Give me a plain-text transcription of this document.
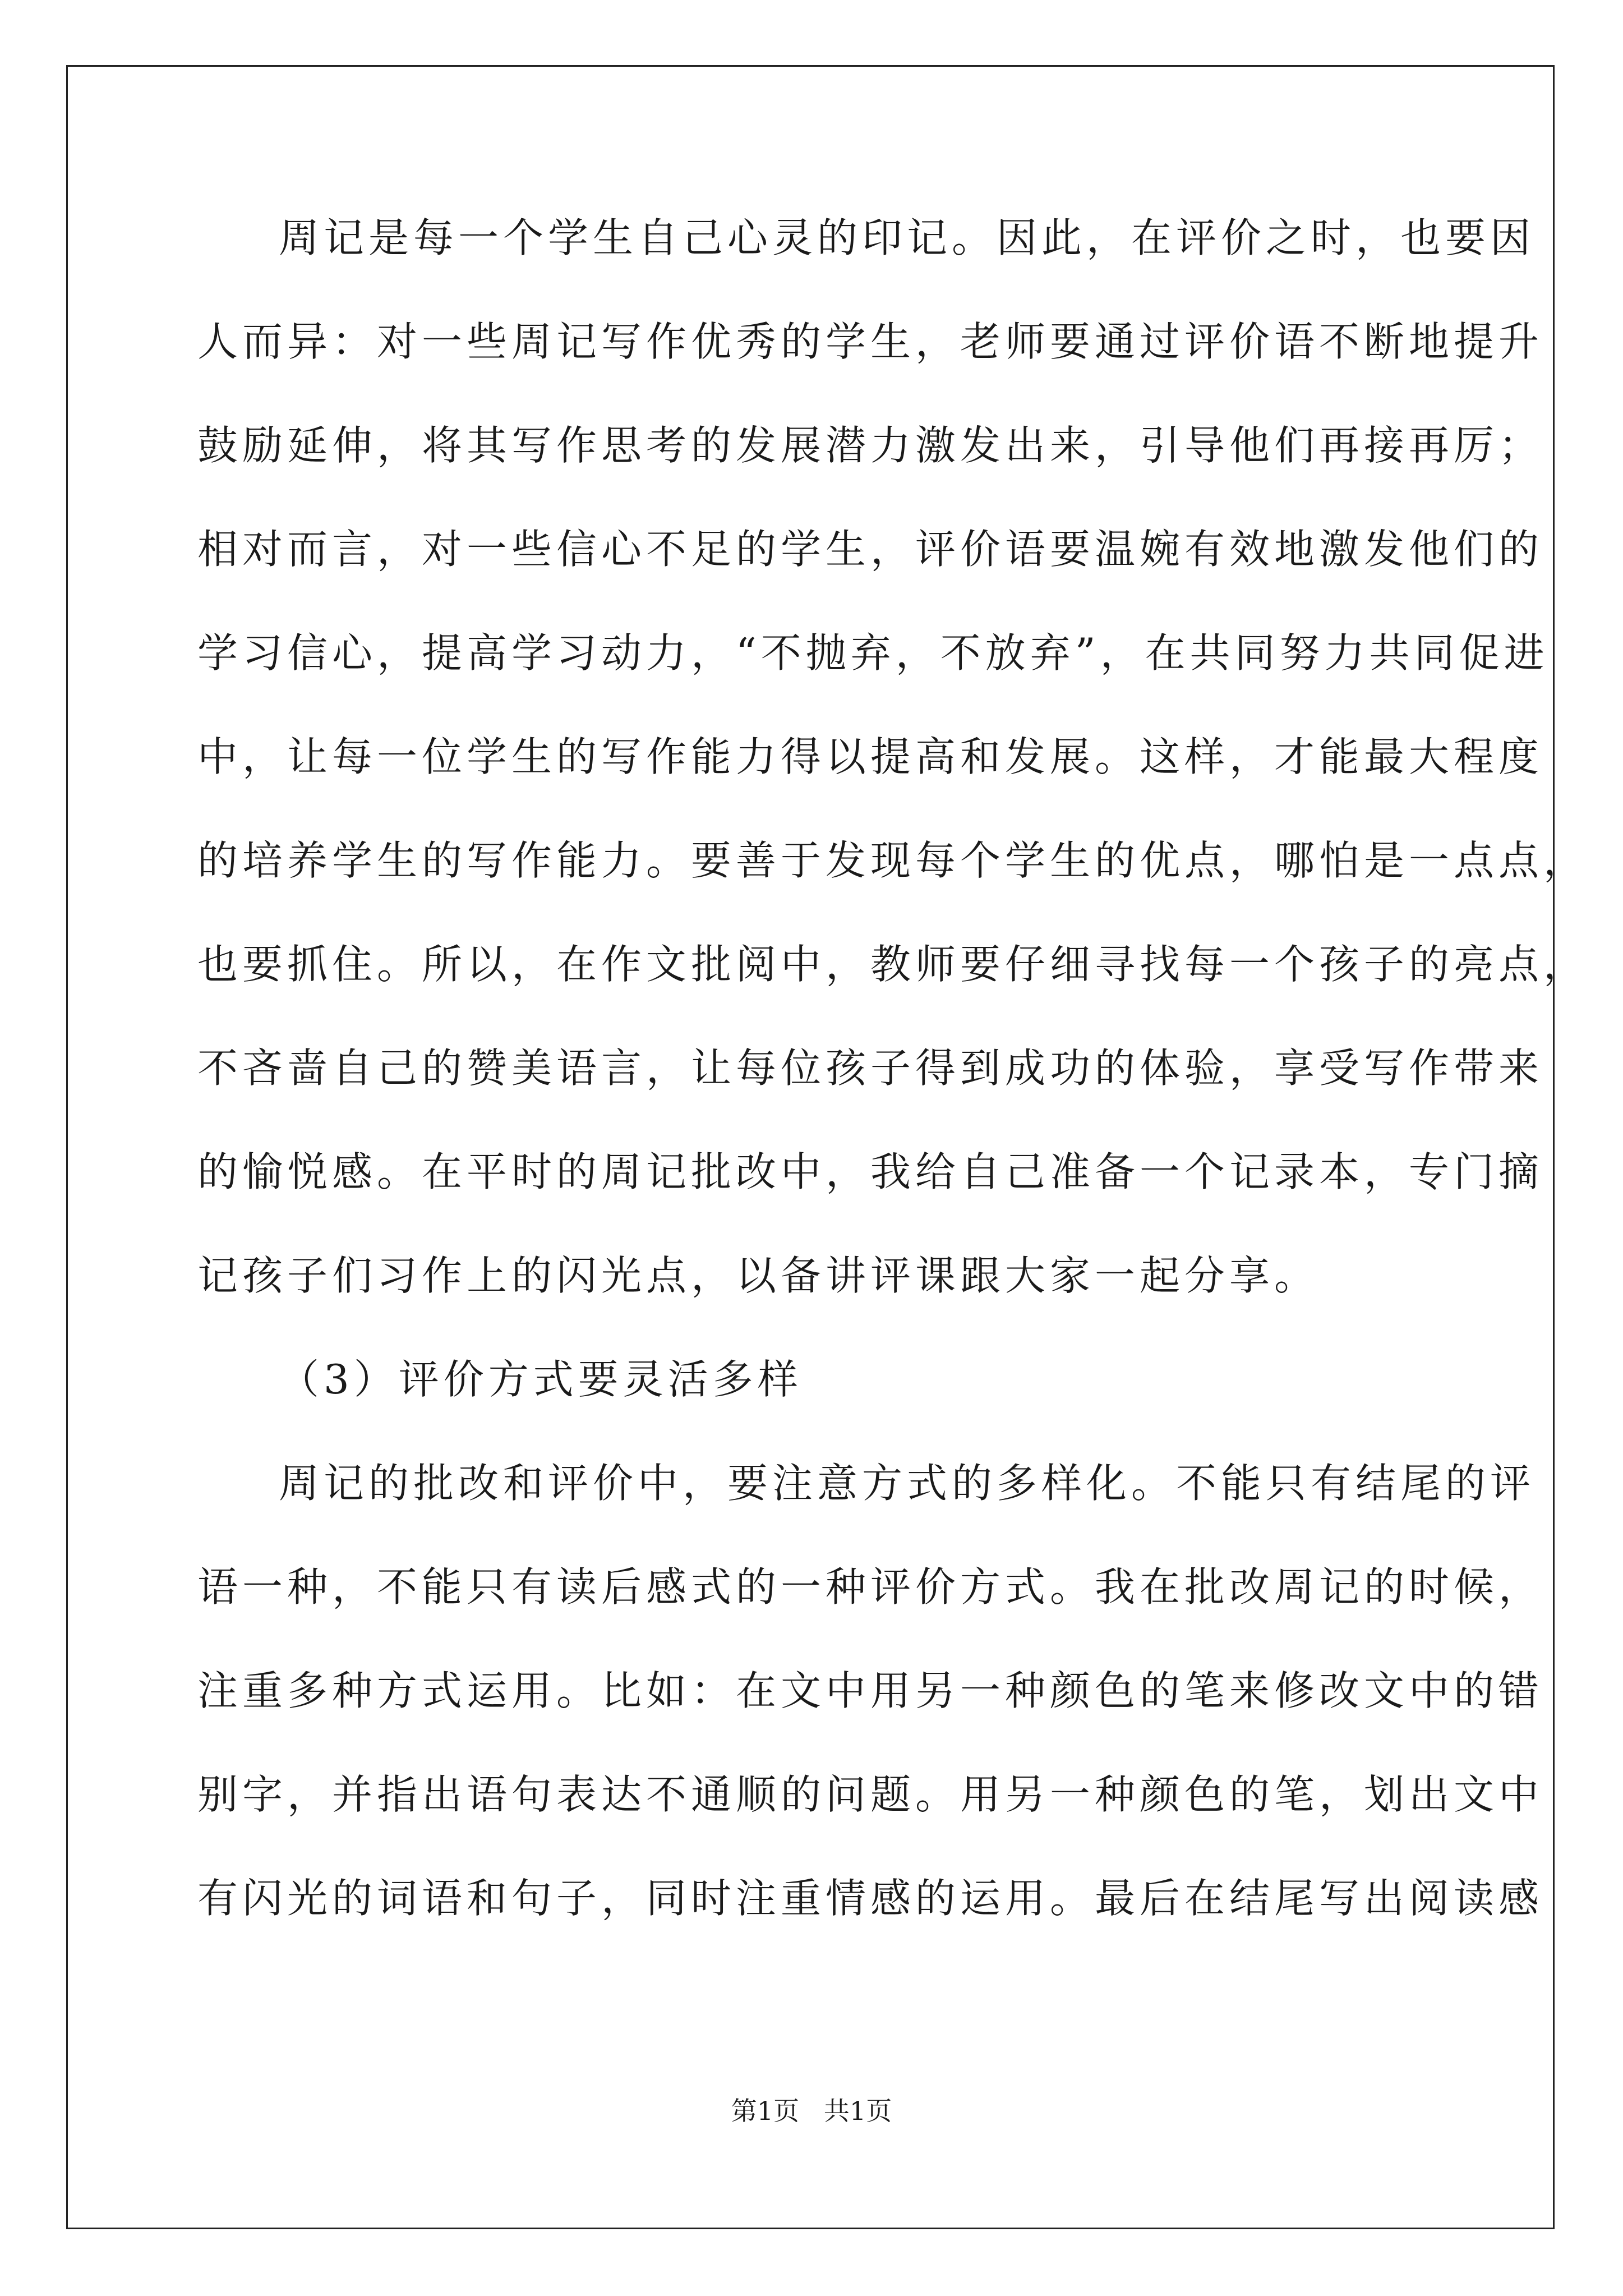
周记是每一个学生自己心灵的印记。因此，在评价之时，也要因
人而异：对一些周记写作优秀的学生，老师要通过评价语不断地提升
鼓励延伸，将其写作思考的发展潜力激发出来，引导他们再接再厉；
相对而言，对一些信心不足的学生，评价语要温婉有效地激发他们的
学习信心，提高学习动力，“不抛弃，不放弃”，在共同努力共同促进
中，让每一位学生的写作能力得以提高和发展。这样，才能最大程度
的培养学生的写作能力。要善于发现每个学生的优点，哪怕是一点点，
也要抓住。所以，在作文批阅中，教师要仔细寻找每一个孩子的亮点，
不吝啬自己的赞美语言，让每位孩子得到成功的体验，享受写作带来
的愉悦感。在平时的周记批改中，我给自己准备一个记录本，专门摘
记孩子们习作上的闪光点，以备讲评课跟大家一起分享。
（3）评价方式要灵活多样
周记的批改和评价中，要注意方式的多样化。不能只有结尾的评
语一种，不能只有读后感式的一种评价方式。我在批改周记的时候，
注重多种方式运用。比如：在文中用另一种颜色的笔来修改文中的错
别字，并指出语句表达不通顺的问题。用另一种颜色的笔，划出文中
有闪光的词语和句子，同时注重情感的运用。最后在结尾写出阅读感
第1页   共1页
